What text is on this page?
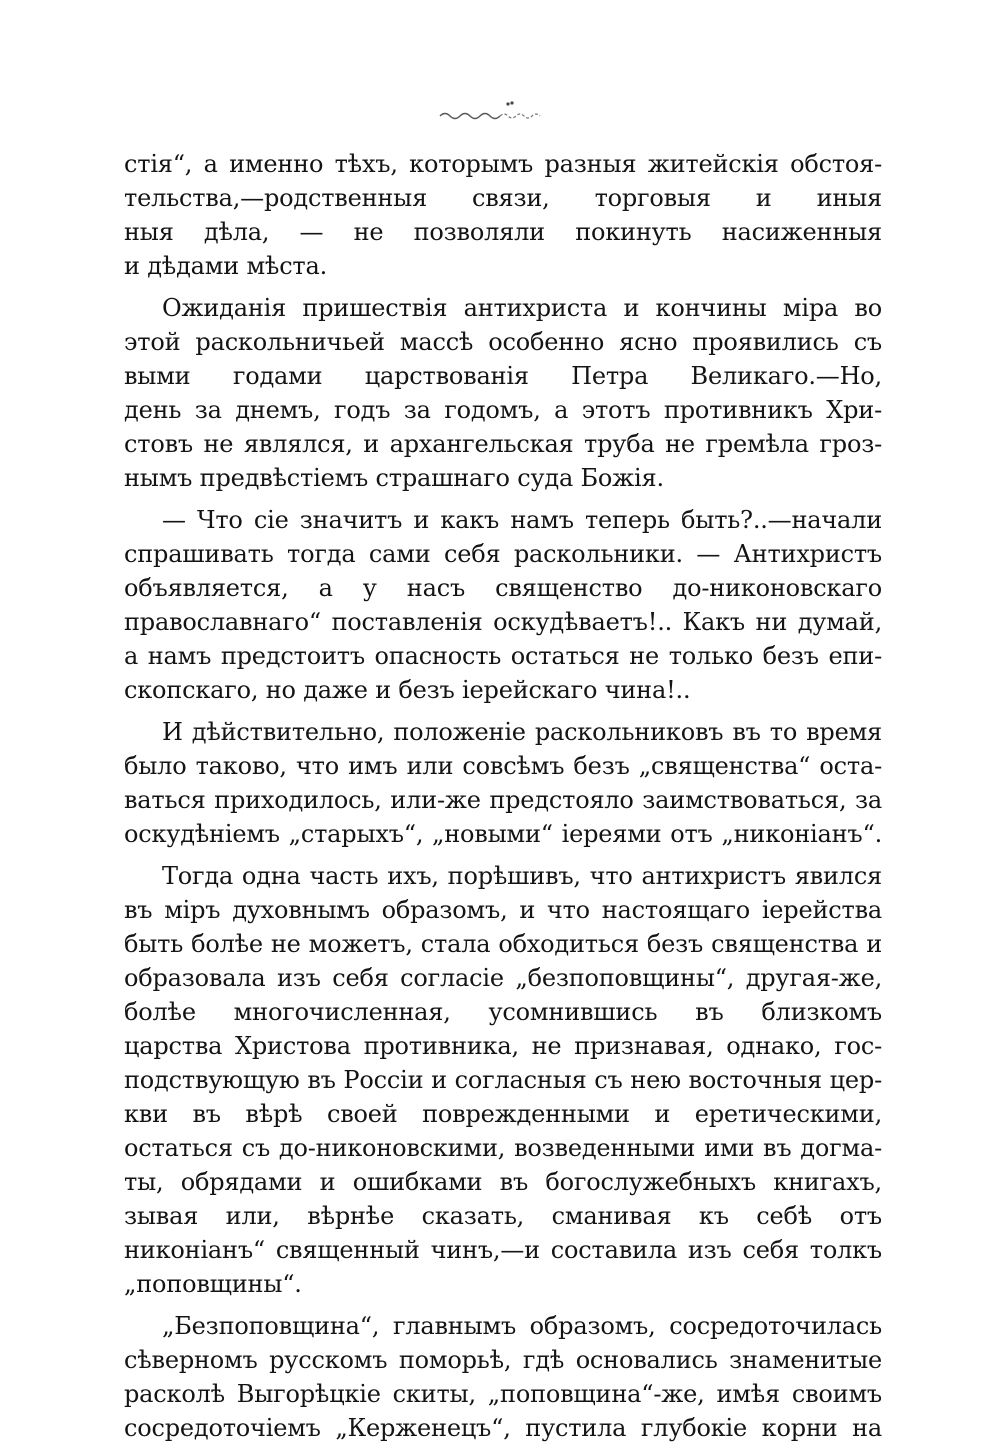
стія“, а именно тѣхъ, которымъ разныя житейскія обстоя-
тельства,—родственныя связи, торговыя и иныя
ныя дѣла, — не позволяли покинуть насиженныя
и дѣдами мѣста.
Ожиданія пришествія антихриста и кончины міра во
этой раскольничьей массѣ особенно ясно проявились съ
выми годами царствованія Петра Великаго.—Но,
день за днемъ, годъ за годомъ, а этотъ противникъ Хри-
стовъ не являлся, и архангельская труба не гремѣла гроз-
нымъ предвѣстіемъ страшнаго суда Божія.
— Что сіе значитъ и какъ намъ теперь быть?..—начали
спрашивать тогда сами себя раскольники. — Антихристъ
объявляется, а у насъ священство до-никоновскаго
православнаго“ поставленія оскудѣваетъ!.. Какъ ни думай,
а намъ предстоитъ опасность остаться не только безъ епи-
скопскаго, но даже и безъ іерейскаго чина!..
И дѣйствительно, положеніе раскольниковъ въ то время
было таково, что имъ или совсѣмъ безъ „священства“ оста-
ваться приходилось, или-же предстояло заимствоваться, за
оскудѣніемъ „старыхъ“, „новыми“ іереями отъ „никоніанъ“.
Тогда одна часть ихъ, порѣшивъ, что антихристъ явился
въ міръ духовнымъ образомъ, и что настоящаго іерейства
быть болѣе не можетъ, стала обходиться безъ священства и
образовала изъ себя согласіе „безпоповщины“, другая-же,
болѣе многочисленная, усомнившись въ близкомъ
царства Христова противника, не признавая, однако, гос-
подствующую въ Россіи и согласныя съ нею восточныя цер-
кви въ вѣрѣ своей поврежденными и еретическими,
остаться съ до-никоновскими, возведенными ими въ догма-
ты, обрядами и ошибками въ богослужебныхъ книгахъ,
зывая или, вѣрнѣе сказать, сманивая къ себѣ отъ
никоніанъ“ священный чинъ,—и составила изъ себя толкъ
„поповщины“.
„Безпоповщина“, главнымъ образомъ, сосредоточилась
сѣверномъ русскомъ поморьѣ, гдѣ основались знаменитые
расколѣ Выгорѣцкіе скиты, „поповщина“-же, имѣя своимъ
сосредоточіемъ „Керженецъ“, пустила глубокіе корни на
